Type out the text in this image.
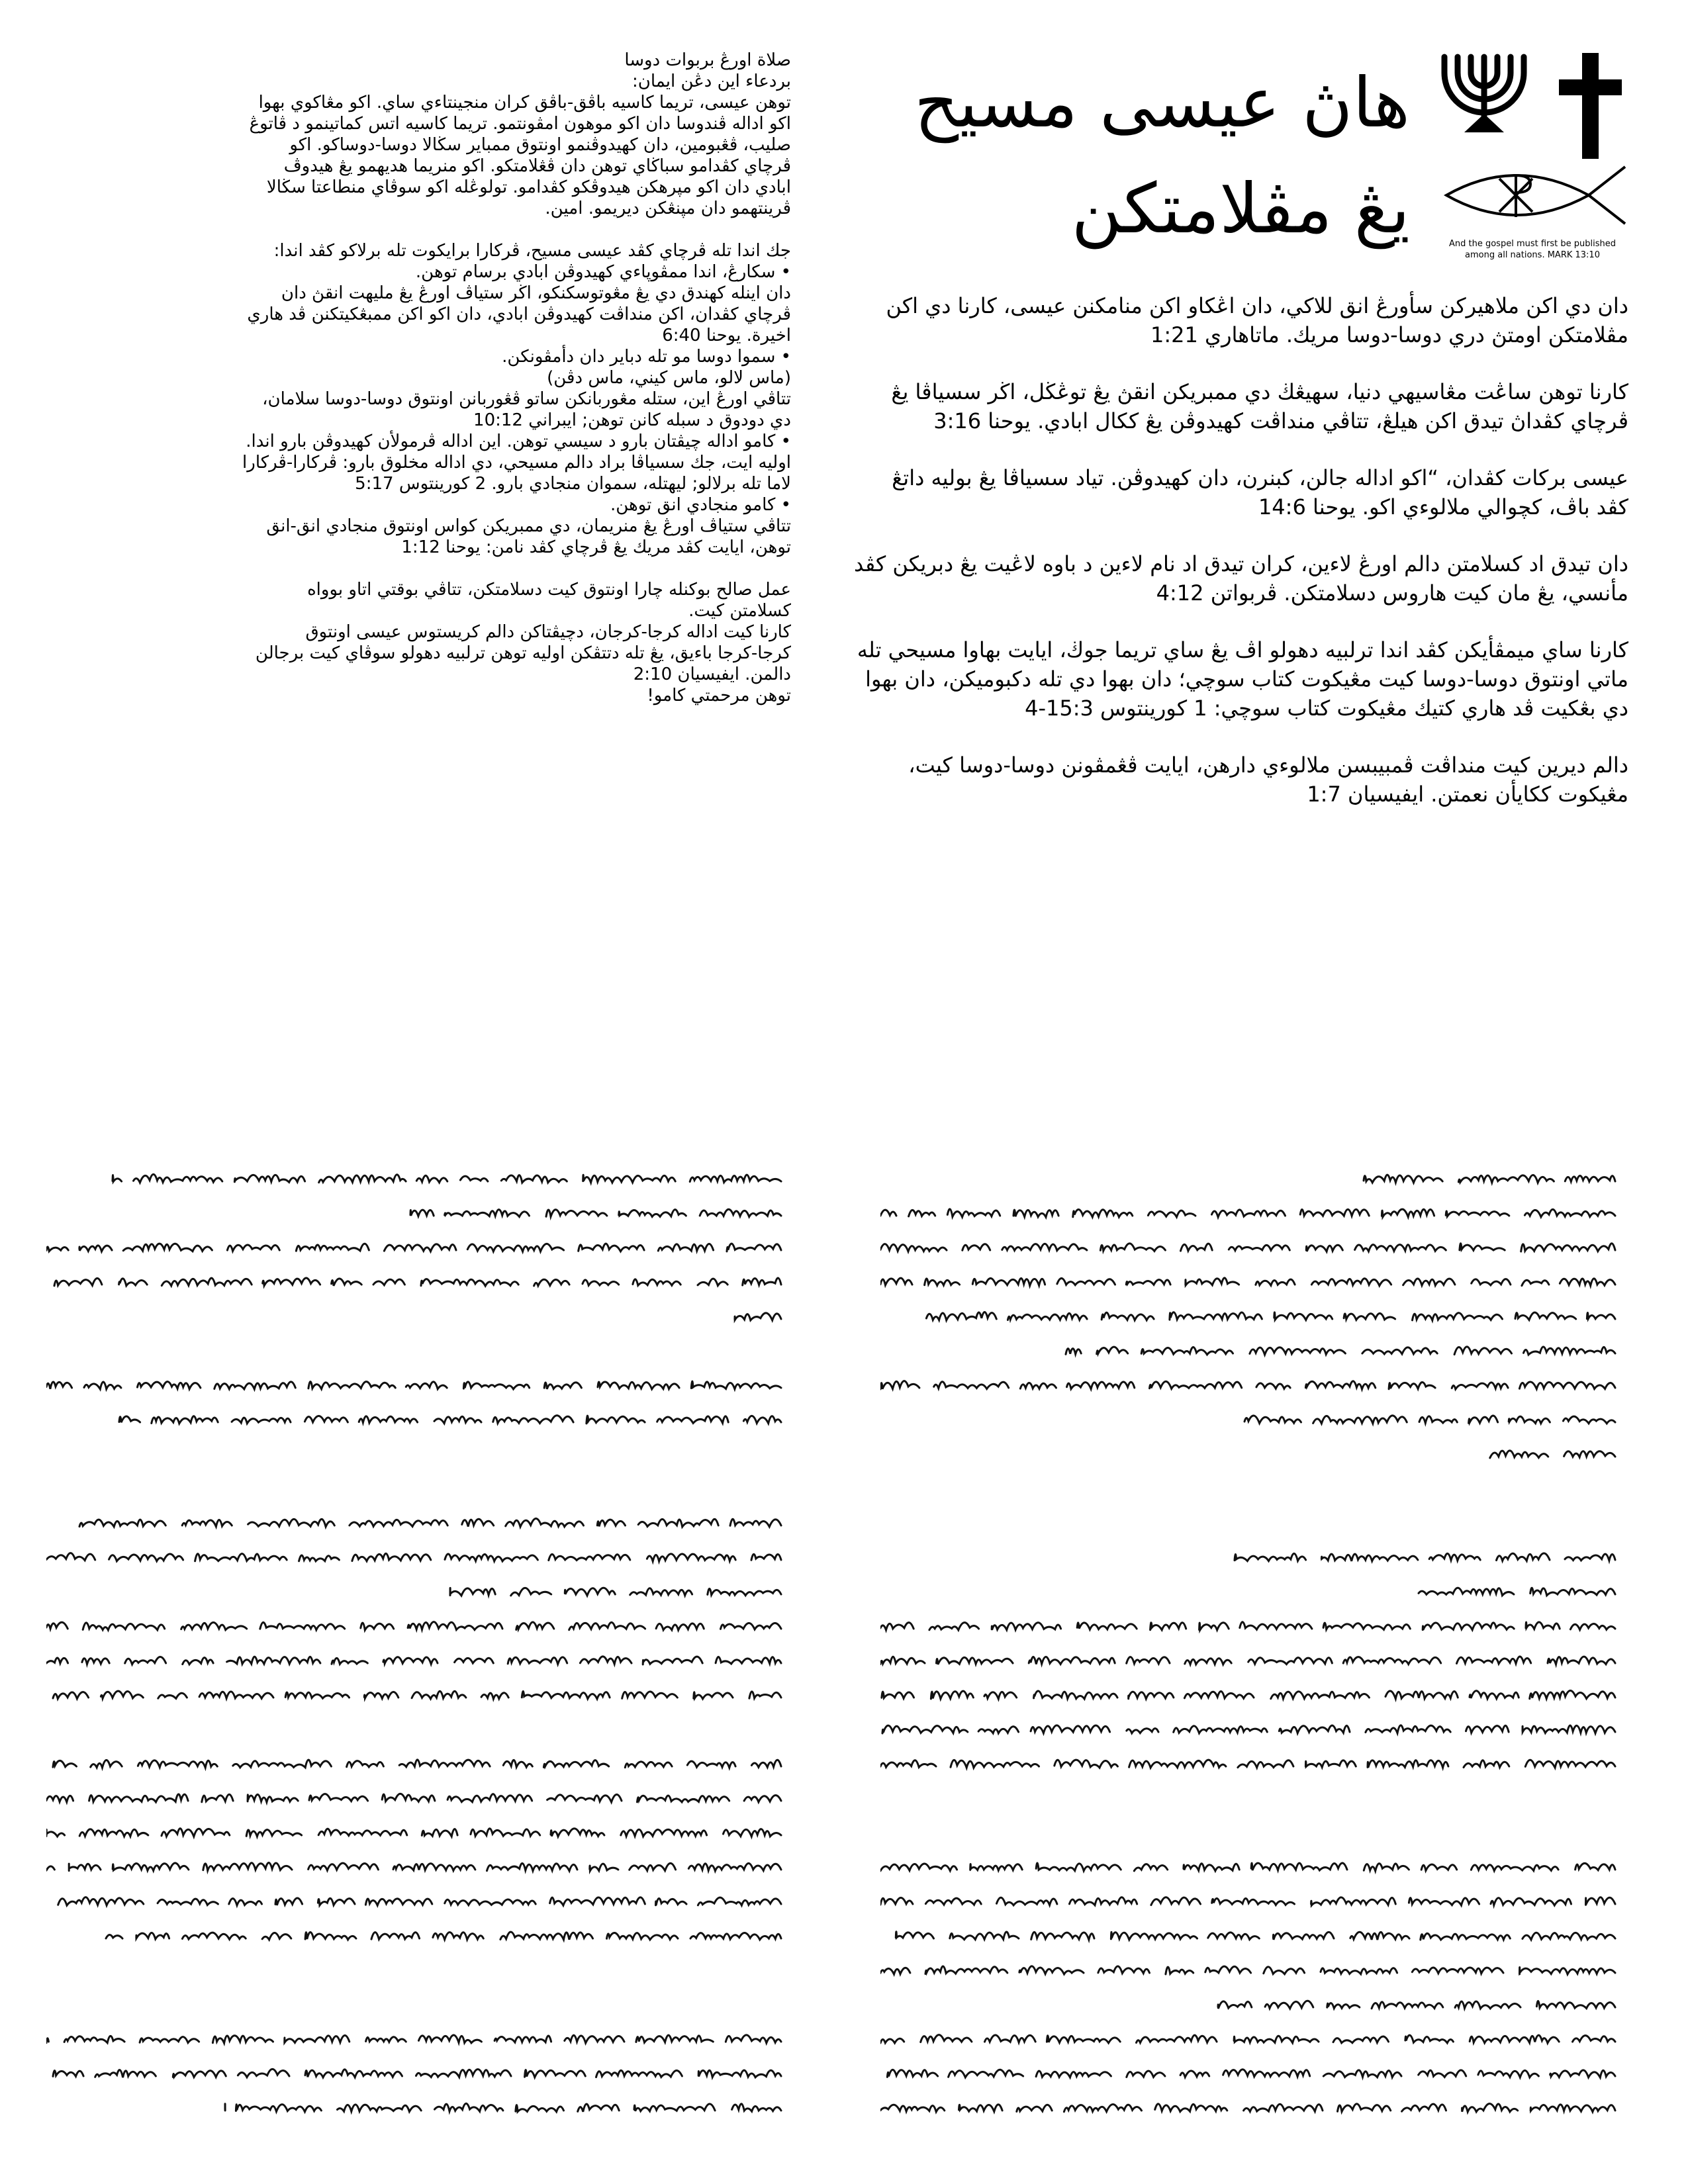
هاڽ عيسى مسيح
يڠ مڤلامتكن	And the gospel must first be published
among all nations. MARK 13:10

دان دي اكن ملاهيركن سأورڠ انق للاكي، دان اڠكاو اكن منامكنن عيسى، كارنا دي اكن مڤلامتكن اومتڽ دري دوسا-دوسا مريك. ماتاهاري 1:21

كارنا توهن ساڠت مڠاسيهي دنيا، سهيڠڬ دي ممبريكن انقڽ يڠ توڠڬل، اڬر سسياڤا يڠ ڤرچاي كڤداڽ تيدق اكن هيلڠ، تتاڤي منداڤت كهيدوڤن يڠ ككال ابادي. يوحنا 3:16

عيسى بركات كڤدان، “اكو اداله جالن، كبنرن، دان كهيدوڤن. تياد سسياڤا يڠ بوليه داتڠ كڤد باڤ، كچوالي ملالوءي اكو. يوحنا 14:6

دان تيدق اد كسلامتن دالم اورڠ لاءين، كران تيدق اد نام لاءين د باوه لاڠيت يڠ دبريكن كڤد مأنسي، يڠ مان كيت هاروس دسلامتكن. ڤربواتن 4:12

كارنا ساي ميمڤأيكن كڤد اندا ترلبيه دهولو اڤ يڠ ساي تريما جوڬ، ايايت بهاوا مسيحي تله ماتي اونتوق دوسا-دوسا كيت مڠيكوت كتاب سوچي؛ دان بهوا دي تله دكبوميكن، دان بهوا دي بڠكيت ڤد هاري كتيك مڠيكوت كتاب سوچي: 1 كورينتوس 15:3-4

دالم ديرين كيت منداڤت ڤمبيبسن ملالوءي دارهن، ايايت ڤڠمڤونن دوسا-دوسا كيت، مڠيكوت ككايأن نعمتن. ايفيسيان 1:7

صلاة اورڠ بربوات دوسا
بردعاء اين دڠن ايمان:
توهن عيسى، تريما كاسيه باڤق-باڤق كران منجينتاءي ساي. اكو مڠاكوي بهوا
اكو اداله ڤندوسا دان اكو موهون امڤونتمو. تريما كاسيه اتس كماتينمو د ڤاتوڠ
صليب، ڤڠبومين، دان كهيدوڤنمو اونتوق ممباير سڬالا دوسا-دوساكو. اكو
ڤرچاي كڤدامو سباڬاي توهن دان ڤڠلامتكو. اكو منريما هديهمو يڠ هيدوڤ
ابادي دان اكو مڽرهكن هيدوڤكو كڤدامو. تولوڠله اكو سوڤاي منطاعتا سڬالا
ڤرينتهمو دان مڽنڠكن ديريمو. امين.
جك اندا تله ڤرچاي كڤد عيسى مسيح، ڤركارا برايكوت تله برلاكو كڤد اندا:
• سكارڠ، اندا ممڤوڽاءي كهيدوڤن ابادي برسام توهن.
دان اينله كهندق دي يڠ مڠوتوسكنكو، اڬر ستياڤ اورڠ يڠ مليهت انقڽ دان
ڤرچاي كڤدان، اكن منداڤت كهيدوڤن ابادي، دان اكو اكن ممبڠكيتكنن ڤد هاري
اخيرة. يوحنا 6:40
• سموا دوسا مو تله دباير دان دأمڤونكن.
(ماس لالو، ماس كيني، ماس دڤن)
تتاڤي اورڠ اين، ستله مڠوربانكن ساتو ڤڠوربانن اونتوق دوسا-دوسا سلامان،
دي دودوق د سبله كانن توهن; ايبراني 10:12
• كامو اداله چيڤتان بارو د سيسي توهن. اين اداله ڤرمولأن كهيدوڤن بارو اندا.
اوليه ايت، جك سسياڤا براد دالم مسيحي، دي اداله مخلوق بارو: ڤركارا-ڤركارا
لاما تله برلالو; ليهتله، سموان منجادي بارو. 2 كورينتوس 5:17
• كامو منجادي انق توهن.
تتاڤي ستياڤ اورڠ يڠ منريمان، دي ممبريكن كواس اونتوق منجادي انق-انق
توهن، ايايت كڤد مريك يڠ ڤرچاي كڤد نامن: يوحنا 1:12
عمل صالح بوكنله چارا اونتوق كيت دسلامتكن، تتاڤي بوقتي اتاو بوواه
كسلامتن كيت.
كارنا كيت اداله كرجا-كرجان، دچيڤتاكن دالم كريستوس عيسى اونتوق
كرجا-كرجا باءيق، يڠ تله دتتڤكن اوليه توهن ترلبيه دهولو سوڤاي كيت برجالن
دالمن. ايفيسيان 2:10
توهن مرحمتي كامو!
